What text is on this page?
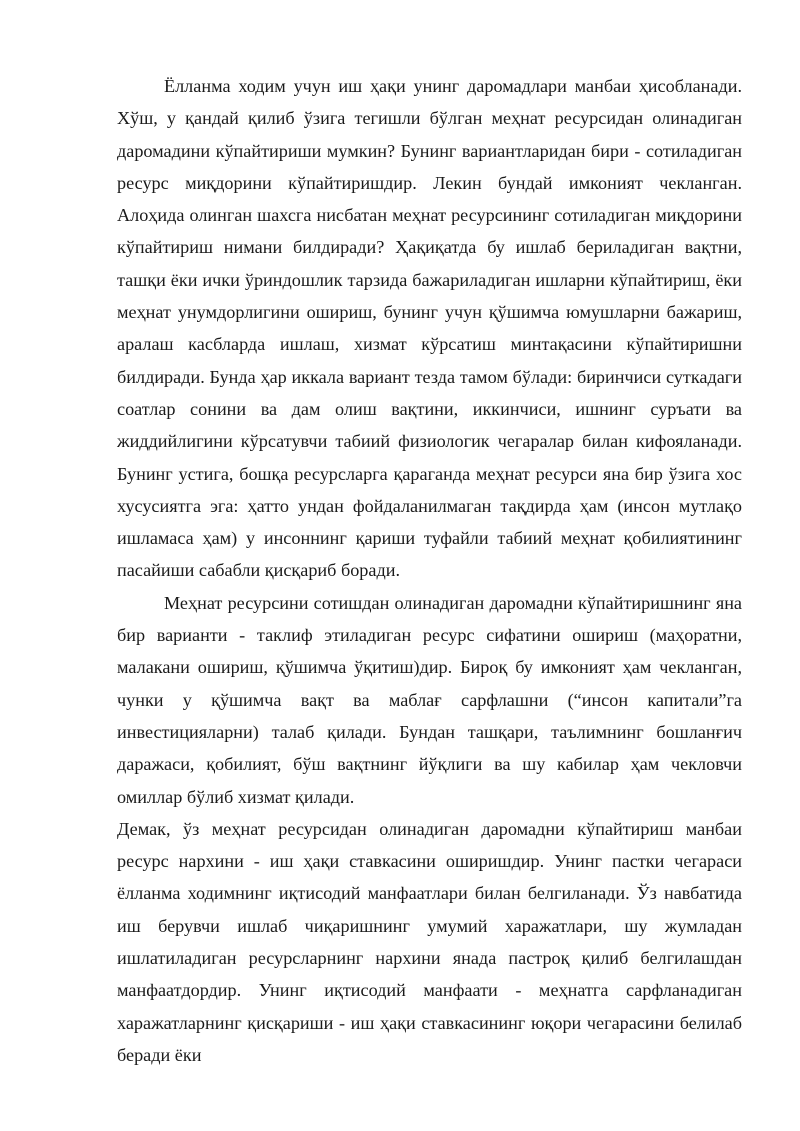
Ёлланма ходим учун иш ҳақи унинг даромадлари манбаи ҳисобланади. Хўш, у қандай қилиб ўзига тегишли бўлган меҳнат ресурсидан олинадиган даромадини кўпайтириши мумкин? Бунинг вариантларидан бири - сотиладиган ресурс миқдорини кўпайтиришдир. Лекин бундай имконият чекланган. Алоҳида олинган шахсга нисбатан меҳнат ресурсининг сотиладиган миқдорини кўпайтириш нимани билдиради? Ҳақиқатда бу ишлаб бериладиган вақтни, ташқи ёки ички ўриндошлик тарзида бажариладиган ишларни кўпайтириш, ёки меҳнат унумдорлигини ошириш, бунинг учун қўшимча юмушларни бажариш, аралаш касбларда ишлаш, хизмат кўрсатиш минтақасини кўпайтиришни билдиради. Бунда ҳар иккала вариант тезда тамом бўлади: биринчиси суткадаги соатлар сонини ва дам олиш вақтини, иккинчиси, ишнинг суръати ва жиддийлигини кўрсатувчи табиий физиологик чегаралар билан кифояланади. Бунинг устига, бошқа ресурсларга қараганда меҳнат ресурси яна бир ўзига хос хусусиятга эга: ҳатто ундан фойдаланилмаган тақдирда ҳам (инсон мутлақо ишламаса ҳам) у инсоннинг қариши туфайли табиий меҳнат қобилиятининг пасайиши сабабли қисқариб боради.

Меҳнат ресурсини сотишдан олинадиган даромадни кўпайтиришнинг яна бир варианти - таклиф этиладиган ресурс сифатини ошириш (маҳоратни, малакани ошириш, қўшимча ўқитиш)дир. Бироқ бу имконият ҳам чекланган, чунки у қўшимча вақт ва маблағ сарфлашни (“инсон капитали”га инвестицияларни) талаб қилади. Бундан ташқари, таълимнинг бошланғич даражаси, қобилият, бўш вақтнинг йўқлиги ва шу кабилар ҳам чекловчи омиллар бўлиб хизмат қилади.

Демак, ўз меҳнат ресурсидан олинадиган даромадни кўпайтириш манбаи ресурс нархини - иш ҳақи ставкасини оширишдир. Унинг пастки чегараси ёлланма ходимнинг иқтисодий манфаатлари билан белгиланади. Ўз навбатида иш берувчи ишлаб чиқаришнинг умумий харажатлари, шу жумладан ишлатиладиган ресурсларнинг нархини янада пастроқ қилиб белгилашдан манфаатдордир. Унинг иқтисодий манфаати - меҳнатга сарфланадиган харажатларнинг қисқариши - иш ҳақи ставкасининг юқори чегарасини белилаб беради ёки
